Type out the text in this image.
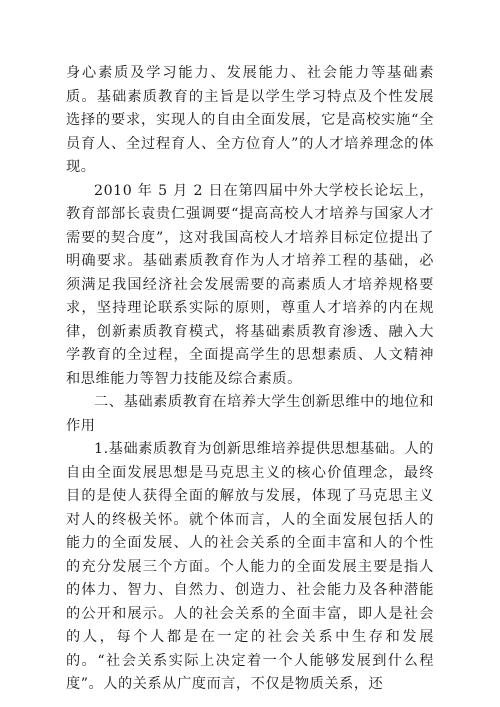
身心素质及学习能力、发展能力、社会能力等基础素质。基础素质教育的主旨是以学生学习特点及个性发展选择的要求，实现人的自由全面发展，它是高校实施“全员育人、全过程育人、全方位育人”的人才培养理念的体现。

2010 年 5 月 2 日在第四届中外大学校长论坛上，教育部部长袁贵仁强调要“提高高校人才培养与国家人才需要的契合度”，这对我国高校人才培养目标定位提出了明确要求。基础素质教育作为人才培养工程的基础，必须满足我国经济社会发展需要的高素质人才培养规格要求，坚持理论联系实际的原则，尊重人才培养的内在规律，创新素质教育模式，将基础素质教育渗透、融入大学教育的全过程，全面提高学生的思想素质、人文精神和思维能力等智力技能及综合素质。

二、基础素质教育在培养大学生创新思维中的地位和作用

1.基础素质教育为创新思维培养提供思想基础。人的自由全面发展思想是马克思主义的核心价值理念，最终目的是使人获得全面的解放与发展，体现了马克思主义对人的终极关怀。就个体而言，人的全面发展包括人的能力的全面发展、人的社会关系的全面丰富和人的个性的充分发展三个方面。个人能力的全面发展主要是指人的体力、智力、自然力、创造力、社会能力及各种潜能的公开和展示。人的社会关系的全面丰富，即人是社会的人，每个人都是在一定的社会关系中生存和发展的。“社会关系实际上决定着一个人能够发展到什么程度”。人的关系从广度而言，不仅是物质关系，还
